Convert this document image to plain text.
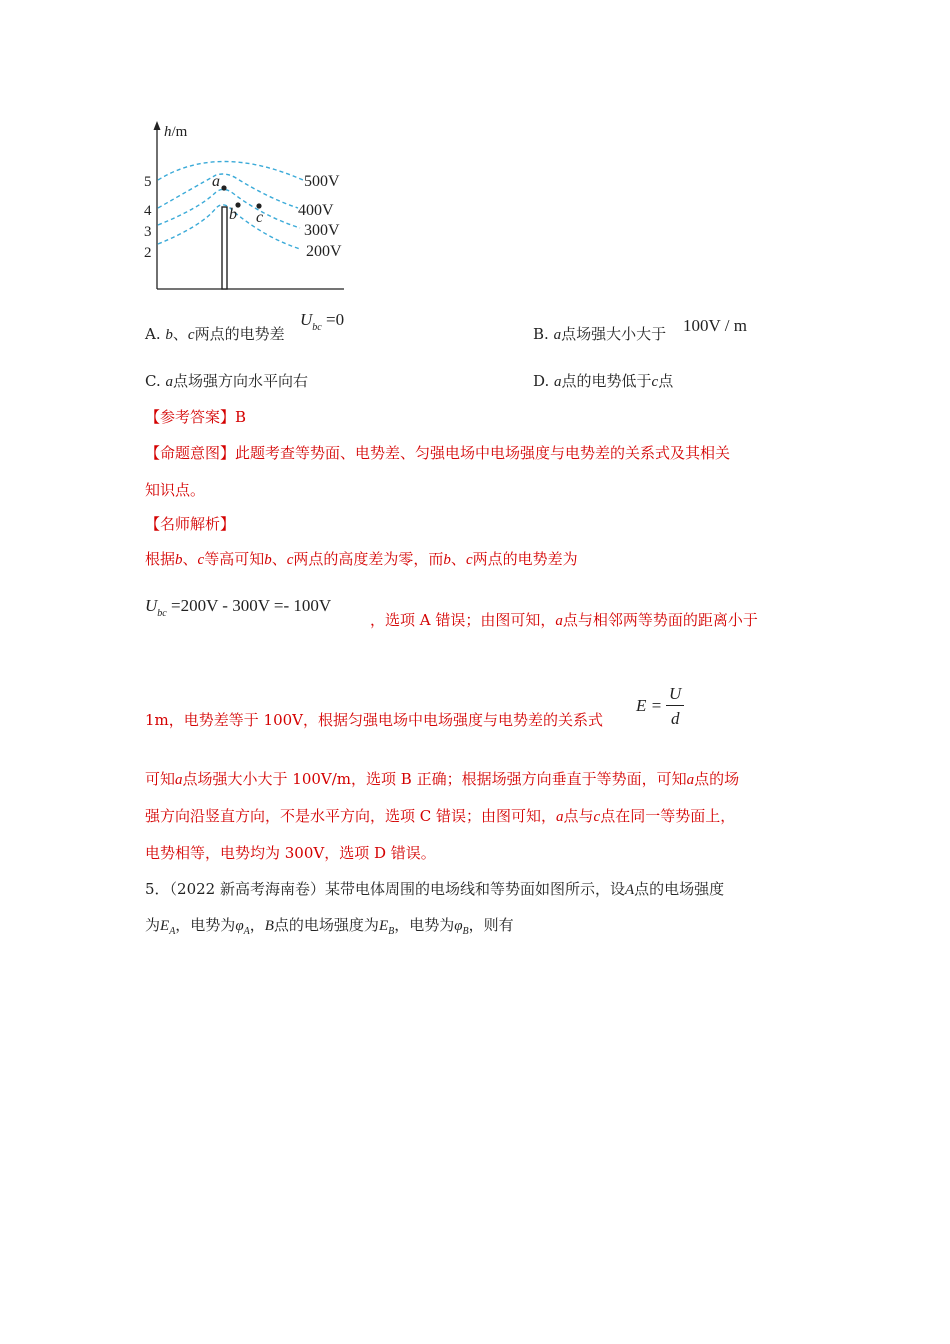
h/m
5
4
3
2
500V
400V
300V
200V
a
b c
A. b、c两点的电势差
$U_{bc} =0$
B. a点场强大小大于 100V / m
C. a点场强方向水平向右	D. a点的电势低于c点
【参考答案】B
【命题意图】此题考查等势面、电势差、匀强电场中电场强度与电势差的关系式及其相关
知识点。
【名师解析】
根据b、c等高可知b、c两点的高度差为零，而b、c两点的电势差为
$U_{bc} =200V - 300V =- 100V$
，选项 A 错误；由图可知，a点与相邻两等势面的距离小于
1m，电势差等于 100V，根据匀强电场中电场强度与电势差的关系式
E =
U
d
可知a点场强大小大于 100V/m，选项 B 正确；根据场强方向垂直于等势面，可知a点的场
强方向沿竖直方向，不是水平方向，选项 C 错误；由图可知，a点与c点在同一等势面上，
电势相等，电势均为 300V，选项 D 错误。
5．（2022 新高考海南卷）某带电体周围的电场线和等势面如图所示，设A点的电场强度
为$E_A$，电势为$\varphi_A$，B点的电场强度为$E_B$，电势为$\varphi_B$，则有
